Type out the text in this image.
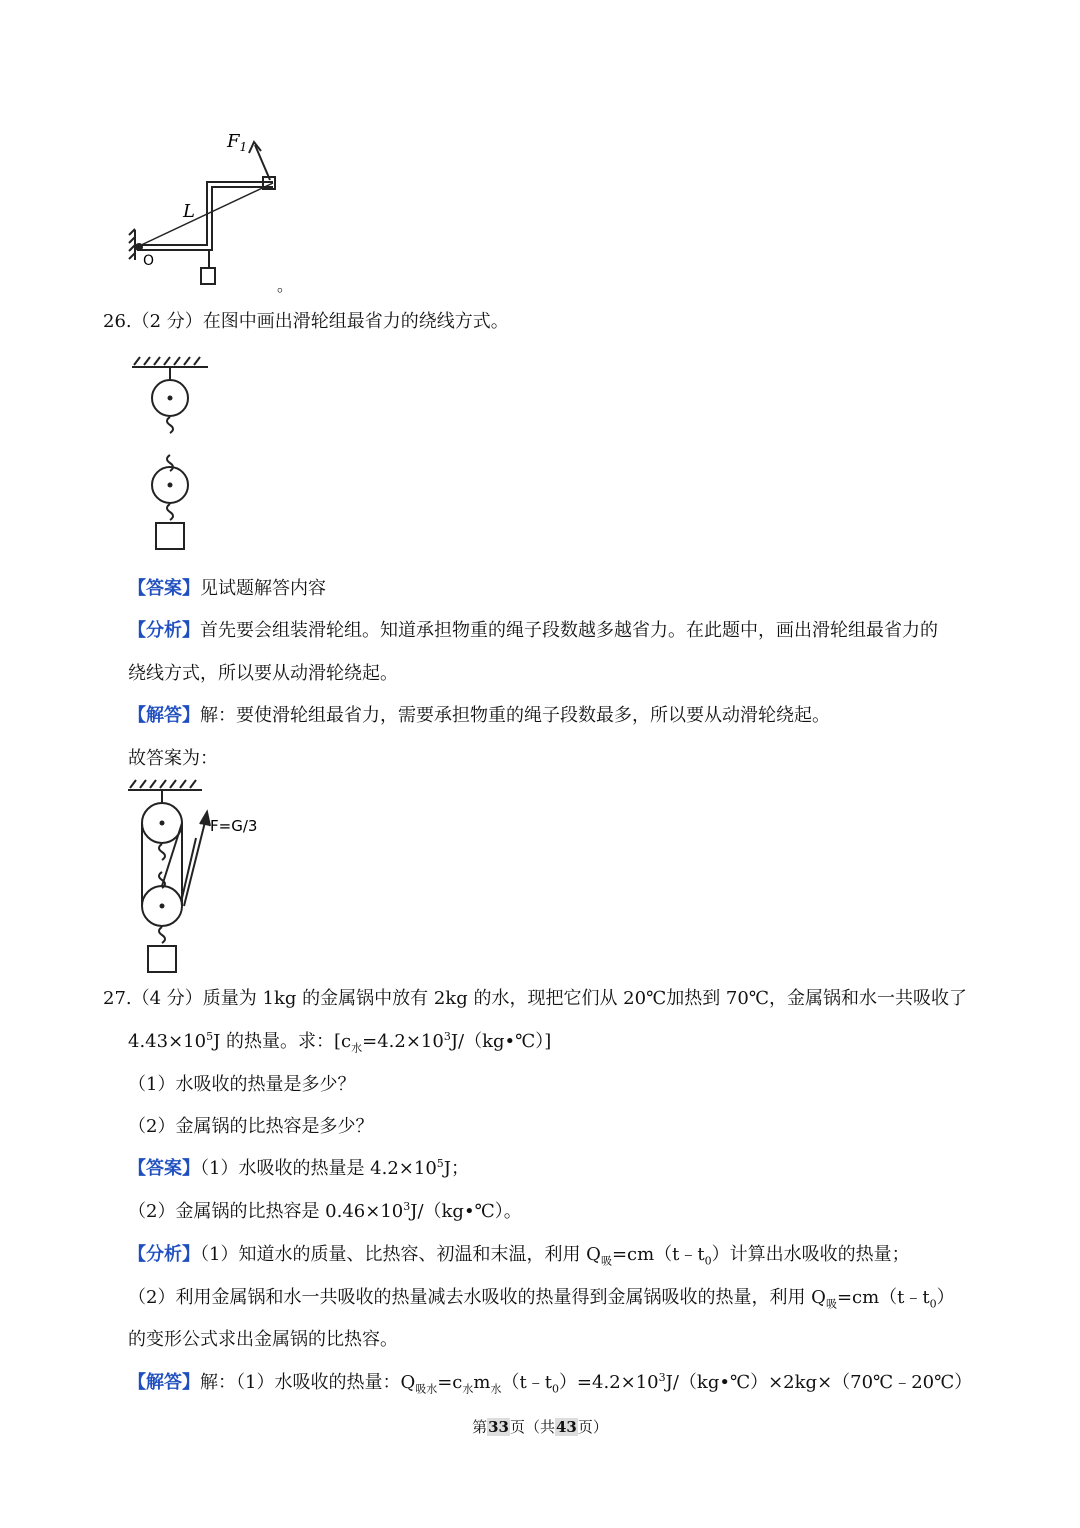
$F_1$
L
O
。
26.（2 分）在图中画出滑轮组最省力的绕线方式。
【答案】见试题解答内容
【分析】首先要会组装滑轮组。知道承担物重的绳子段数越多越省力。在此题中，画出滑轮组最省力的
绕线方式，所以要从动滑轮绕起。
【解答】解：要使滑轮组最省力，需要承担物重的绳子段数最多，所以要从动滑轮绕起。
故答案为：
F=G/3
27.（4 分）质量为 1kg 的金属锅中放有 2kg 的水，现把它们从 20℃加热到 70℃，金属锅和水一共吸收了
$4.43\times 10^5J$ 的热量。求：$[c_水=4.2\times 10^3J/(kg•℃)]$
（1）水吸收的热量是多少？
（2）金属锅的比热容是多少？
【答案】（1）水吸收的热量是 $4.2\times 10^5J$；
（2）金属锅的比热容是 $0.46\times 10^3J/(kg•℃)$。
【分析】（1）知道水的质量、比热容、初温和末温，利用 $Q_吸=cm(t﹣t_0)$计算出水吸收的热量；
（2）利用金属锅和水一共吸收的热量减去水吸收的热量得到金属锅吸收的热量，利用 $Q_吸=cm(t﹣t_0)$
的变形公式求出金属锅的比热容。
【解答】解：（1）水吸收的热量：$Q_{吸水}=c_水m_水(t﹣t_0)=4.2\times 10^3J/(kg•℃)\times 2kg\times(70℃﹣20℃)$
第33页（共43页）
